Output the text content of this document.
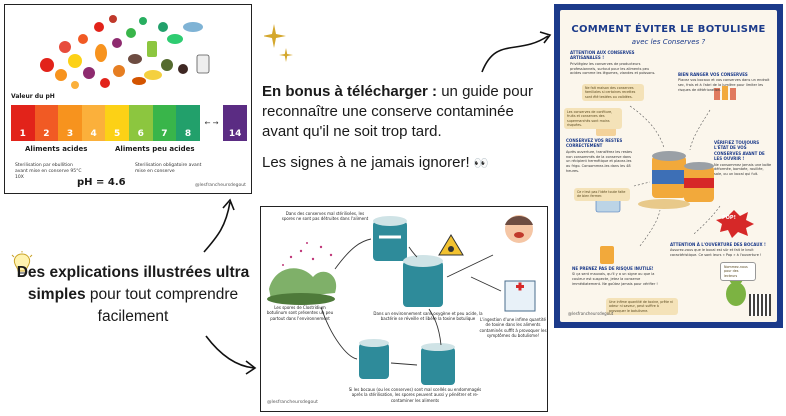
Valeur du pH
1	2	3	4	5	6	7	8
← →
14
Aliments acides	Aliments peu acides
Sterilisation par ebullition avant mise en conserve 95°C 10X
Sterilisation obligatoire avant mise en conserve
pH = 4.6	@lesfrancheursdegout
En bonus à télécharger : un guide pour reconnaître une conserve contaminée avant qu'il ne soit trop tard.
Les signes à ne jamais ignorer! 👀
Des explications illustrées ultra simples pour tout comprendre facilement
Dans des conserves mal stérilisées, les spores ne sont pas détruites dans l'aliment
Les spores de Clostridium botulinum sont présentes un peu partout dans l'environnement
Dans un environnement sans oxygène et peu acide, la bactérie se réveille et libère la toxine botulique	L'ingestion d'une infime quantité de toxine dans les aliments contaminés suffit à provoquer les symptômes du botulisme!
Si les bocaux (ou les conserves) sont mal scellés ou endommagés après la stérilisation, les spores peuvent aussi y pénétrer et re-contaminer les aliments
@lesfrancheursdegout
COMMENT ÉVITER LE BOTULISME
avec les Conserves ?
ATTENTION AUX CONSERVES ARTISANALES !
Privilégiez les conserves de producteurs professionnels, surtout pour les aliments peu acides comme les légumes, viandes et poissons.
Ne fait maison des conserves familiales si certaines recettes sont été testées ou validées.
Les conserves de confiture, fruits et conserves des supermarchés sont moins risquées.
BIEN RANGER VOS CONSERVES
Placez vos bocaux et vos conserves dans un endroit sec, frais et à l'abri de la lumière pour limiter les risques de détérioration.
CONSERVEZ VOS RESTES CORRECTEMENT
Après ouverture, transférez les restes non consommés de la conserve dans un récipient hermétique et placez-les au frigo. Consommez-les dans les 48 heures.
Ce n'est pas l'idée toute faite de bien fermer.
VÉRIFIEZ TOUJOURS L'ÉTAT DE VOS CONSERVES AVANT DE LES OUVRIR !
Ne consommez jamais une boîte déformée, bombée, rouillée, sale, ou un bocal qui fuit.
POP!
ATTENTION À L'OUVERTURE DES BOCAUX !
Assurez-vous que le bocal est sûr et fait le bruit caractéristique. Ce sont leurs « Pop » à l'ouverture !
NE PRENEZ PAS DE RISQUE INUTILE!
Si ça sent mauvais, qu'il y a un signe ou que la couleur est suspecte, jetez la conserve immédiatement. Ne goûtez jamais pour vérifier !
Une infime quantité de toxine, prête ni odeur ni saveur, peut suffire à provoquer le botulisme.
Nommez-nous pour des lecteurs
@lesfrancheursdegout
